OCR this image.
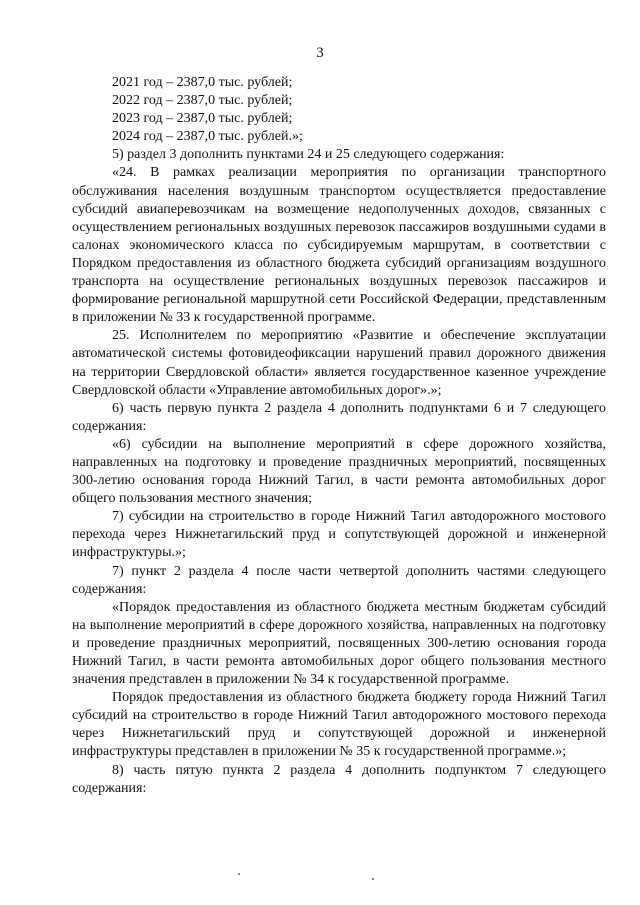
3

2021 год – 2387,0 тыс. рублей;

2022 год – 2387,0 тыс. рублей;

2023 год – 2387,0 тыс. рублей;

2024 год – 2387,0 тыс. рублей.»;

5) раздел 3 дополнить пунктами 24 и 25 следующего содержания:

«24. В рамках реализации мероприятия по организации транспортного обслуживания населения воздушным транспортом осуществляется предоставление субсидий авиаперевозчикам на возмещение недополученных доходов, связанных с осуществлением региональных воздушных перевозок пассажиров воздушными судами в салонах экономического класса по субсидируемым маршрутам, в соответствии с Порядком предоставления из областного бюджета субсидий организациям воздушного транспорта на осуществление региональных воздушных перевозок пассажиров и формирование региональной маршрутной сети Российской Федерации, представленным в приложении № 33 к государственной программе.

25. Исполнителем по мероприятию «Развитие и обеспечение эксплуатации автоматической системы фотовидеофиксации нарушений правил дорожного движения на территории Свердловской области» является государственное казенное учреждение Свердловской области «Управление автомобильных дорог».»;

6) часть первую пункта 2 раздела 4 дополнить подпунктами 6 и 7 следующего содержания:

«6) субсидии на выполнение мероприятий в сфере дорожного хозяйства, направленных на подготовку и проведение праздничных мероприятий, посвященных 300-летию основания города Нижний Тагил, в части ремонта автомобильных дорог общего пользования местного значения;

7) субсидии на строительство в городе Нижний Тагил автодорожного мостового перехода через Нижнетагильский пруд и сопутствующей дорожной и инженерной инфраструктуры.»;

7) пункт 2 раздела 4 после части четвертой дополнить частями следующего содержания:

«Порядок предоставления из областного бюджета местным бюджетам субсидий на выполнение мероприятий в сфере дорожного хозяйства, направленных на подготовку и проведение праздничных мероприятий, посвященных 300-летию основания города Нижний Тагил, в части ремонта автомобильных дорог общего пользования местного значения представлен в приложении № 34 к государственной программе.

Порядок предоставления из областного бюджета бюджету города Нижний Тагил субсидий на строительство в городе Нижний Тагил автодорожного мостового перехода через Нижнетагильский пруд и сопутствующей дорожной и инженерной инфраструктуры представлен в приложении № 35 к государственной программе.»;

8) часть пятую пункта 2 раздела 4 дополнить подпунктом 7 следующего содержания:
